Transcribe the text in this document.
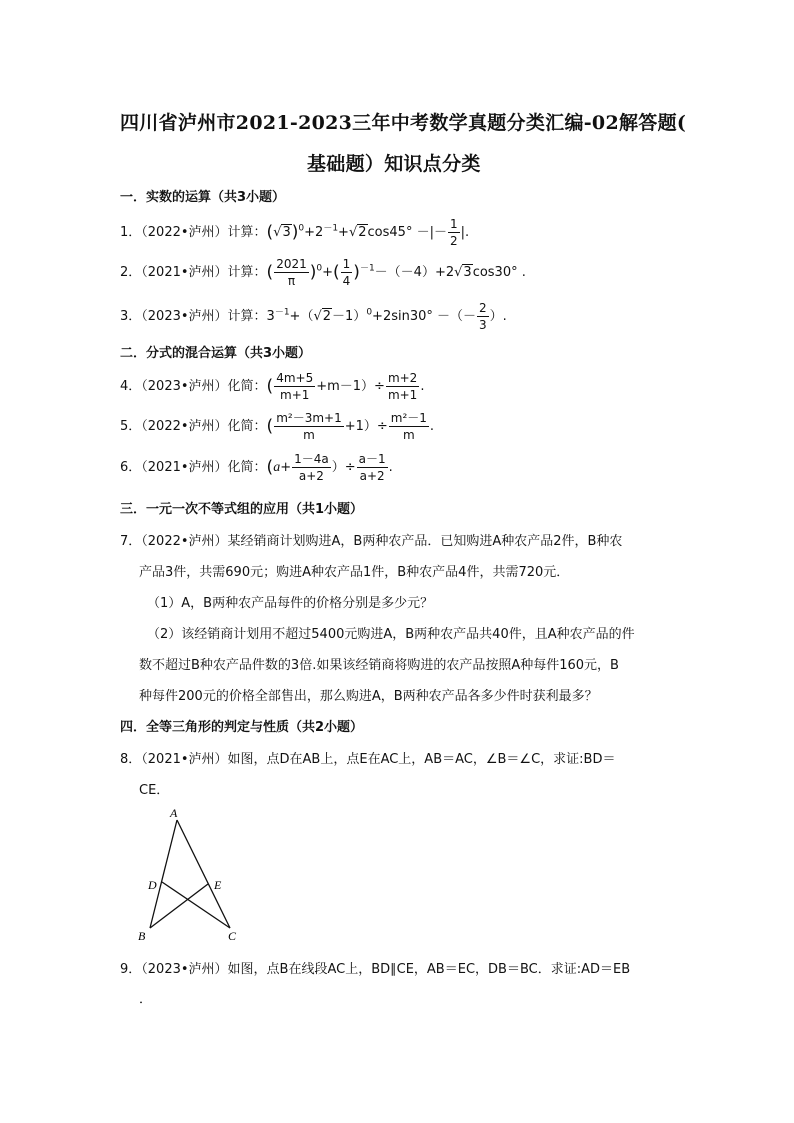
四川省泸州市2021-2023三年中考数学真题分类汇编-02解答题(
基础题）知识点分类
一．实数的运算（共3小题）
1．（2022•泸州）计算：$(√3)^0+2^{-1}+√2\cos 45^\circ$ －|－ $\frac{1}{2}$ |.
2．（2021•泸州）计算：( $\frac{2021}{\pi} )^0+( \frac{1}{4} )^{-1}-(-4)+2√3\cos 30^\circ$ .
3．（2023•泸州）计算：$3^{-1}+(√2-1)^0+2\sin 30^\circ$ －（－ $\frac{2}{3}$ ）.
二．分式的混合运算（共3小题）
4．（2023•泸州）化简：( $\frac{4m+5}{m+1} +m-1)\div \frac{m+2}{m+1}$ .
5．（2022•泸州）化简：( $\frac{\text{m²－3m+1}}{m} +1)\div \frac{\text{m²－1}}{m}$ .
6．（2021•泸州）化简：($a+ \frac{1-4a}{a+2}$ ）÷ $\frac{a-1}{a+2}$ .
三．一元一次不等式组的应用（共1小题）
7．（2022•泸州）某经销商计划购进A，B两种农产品．已知购进A种农产品2件，B种农
产品3件，共需690元；购进A种农产品1件，B种农产品4件，共需720元．
（1）A，B两种农产品每件的价格分别是多少元？
（2）该经销商计划用不超过5400元购进A，B两种农产品共40件，且A种农产品的件
数不超过B种农产品件数的3倍.如果该经销商将购进的农产品按照A种每件160元，B
种每件200元的价格全部售出，那么购进A，B两种农产品各多少件时获利最多？
四．全等三角形的判定与性质（共2小题）
8．（2021•泸州）如图，点D在AB上，点E在AC上，AB＝AC，∠B＝∠C，求证:BD＝
CE．
A
B	C
D	E
9．（2023•泸州）如图，点B在线段AC上，BD∥CE，AB＝EC，DB＝BC．求证:AD＝EB
．
